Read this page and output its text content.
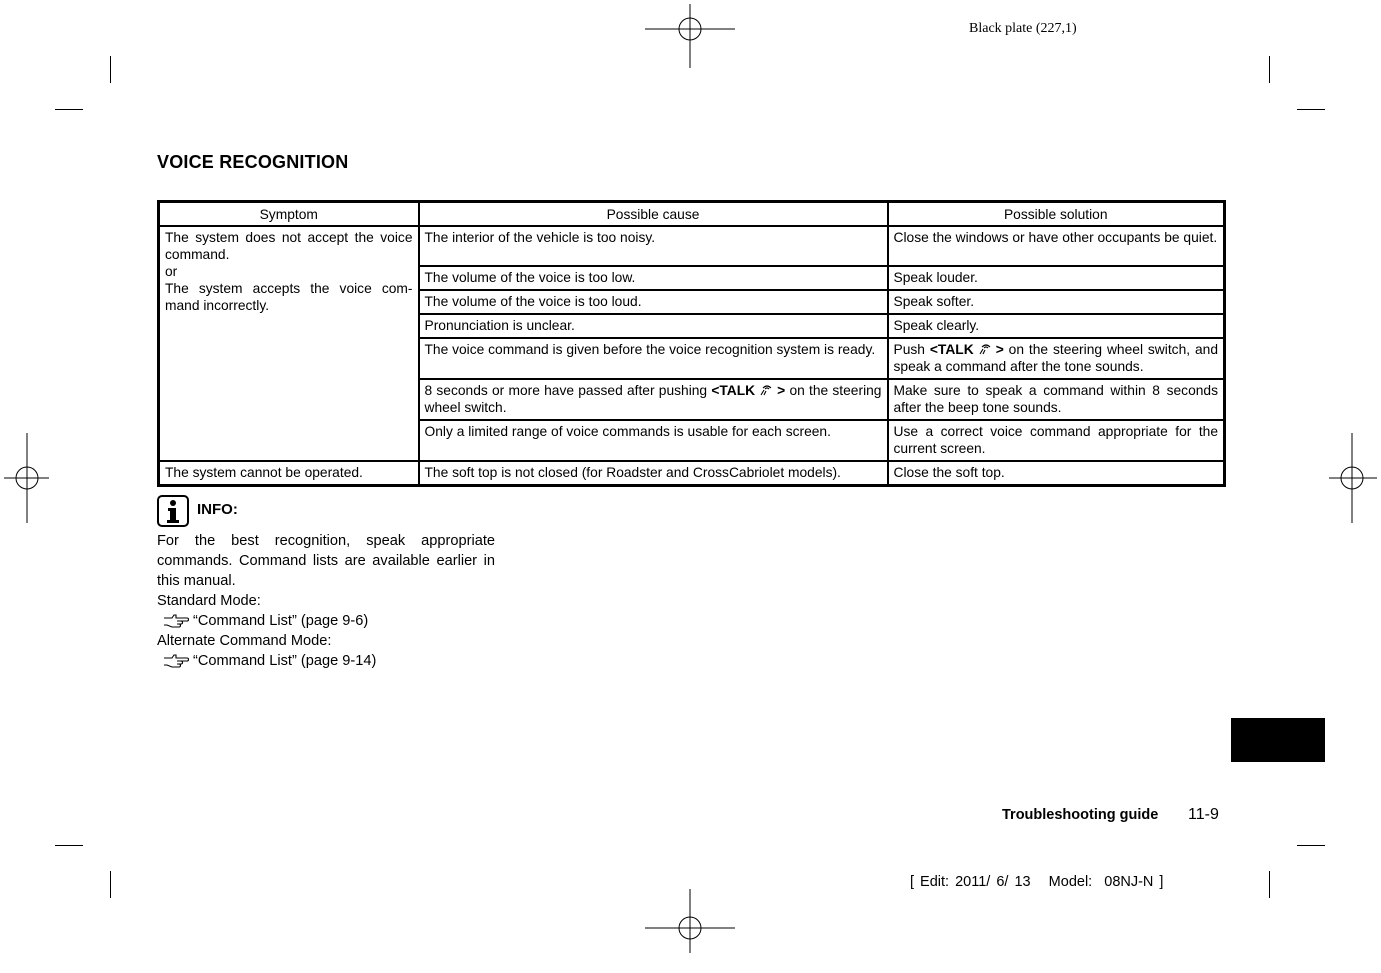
Black plate (227,1)
VOICE RECOGNITION
Symptom	Possible cause	Possible solution

The system does not accept the voice command.
or
The system accepts the voice com-mand incorrectly.	The interior of the vehicle is too noisy.	Close the windows or have other occupants be quiet.
	The volume of the voice is too low.	Speak louder.
	The volume of the voice is too loud.	Speak softer.
	Pronunciation is unclear.	Speak clearly.
	The voice command is given before the voice recognition system is ready.	Push <TALK > on the steering wheel switch, and speak a command after the tone sounds.
	8 seconds or more have passed after pushing <TALK > on the steering wheel switch.	Make sure to speak a command within 8 seconds after the beep tone sounds.
	Only a limited range of voice commands is usable for each screen.	Use a correct voice command appropriate for the current screen.
The system cannot be operated.	The soft top is not closed (for Roadster and CrossCabriolet models).	Close the soft top.
INFO:
For the best recognition, speak appropriate commands. Command lists are available earlier in this manual.
Standard Mode:
“Command List” (page 9-6)
Alternate Command Mode:
“Command List” (page 9-14)
Troubleshooting guide 11-9
[ Edit: 2011/ 6/ 13   Model:  08NJ-N ]
